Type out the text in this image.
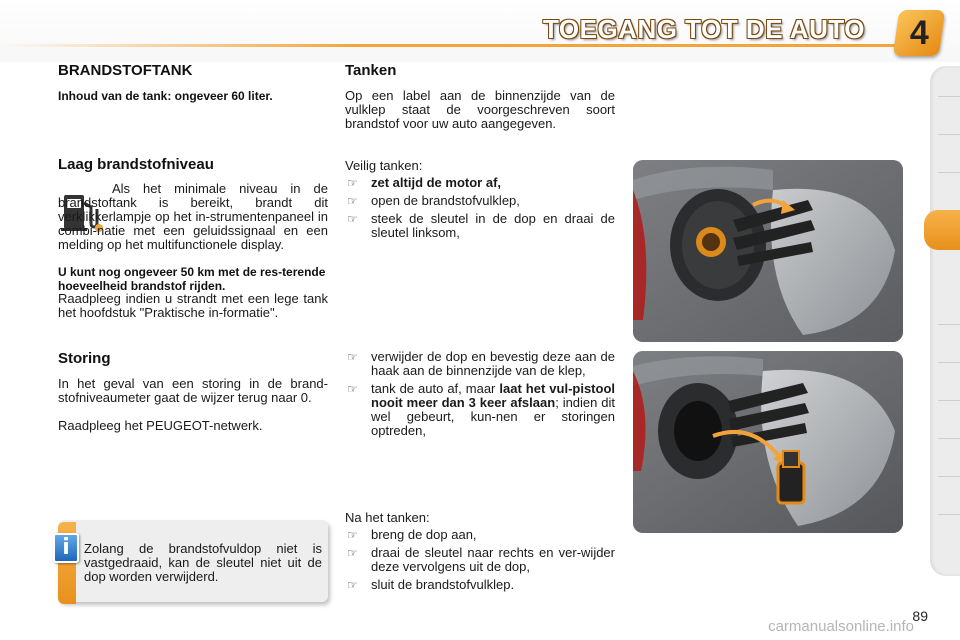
TOEGANG TOT DE AUTO 4
BRANDSTOFTANK
Inhoud van de tank: ongeveer 60 liter.
Laag brandstofniveau
Als het minimale niveau in de brandstoftank is bereikt, brandt dit verklikkerlampje op het in-strumentenpaneel in combi-natie met een geluidssignaal en een melding op het multifunctionele display.
U kunt nog ongeveer 50 km met de res-terende hoeveelheid brandstof rijden.
Raadpleeg indien u strandt met een lege tank het hoofdstuk "Praktische in-formatie".
Storing
In het geval van een storing in de brand-stofniveaumeter gaat de wijzer terug naar 0.
Raadpleeg het PEUGEOT-netwerk.
i	Zolang de brandstofvuldop niet is vastgedraaid, kan de sleutel niet uit de dop worden verwijderd.
Tanken
Op een label aan de binnenzijde van de vulklep staat de voorgeschreven soort brandstof voor uw auto aangegeven.
Veilig tanken:
☞ zet altijd de motor af,
☞ open de brandstofvulklep,
☞ steek de sleutel in de dop en draai de sleutel linksom,
☞ verwijder de dop en bevestig deze aan de haak aan de binnenzijde van de klep,
☞ tank de auto af, maar laat het vul-pistool nooit meer dan 3 keer afslaan; indien dit wel gebeurt, kun-nen er storingen optreden,
Na het tanken:
☞ breng de dop aan,
☞ draai de sleutel naar rechts en ver-wijder deze vervolgens uit de dop,
☞ sluit de brandstofvulklep.
89
carmanualsonline.info
